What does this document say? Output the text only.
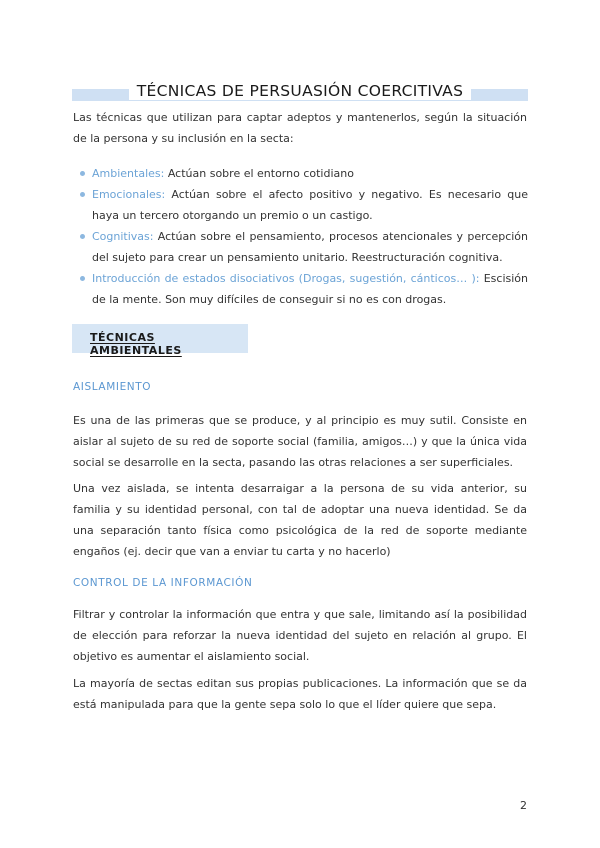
TÉCNICAS DE PERSUASIÓN COERCITIVAS

Las técnicas que utilizan para captar adeptos y mantenerlos, según la situación de la persona y su inclusión en la secta:

Ambientales: Actúan sobre el entorno cotidiano
Emocionales: Actúan sobre el afecto positivo y negativo. Es necesario que haya un tercero otorgando un premio o un castigo.
Cognitivas: Actúan sobre el pensamiento, procesos atencionales y percepción del sujeto para crear un pensamiento unitario. Reestructuración cognitiva.
Introducción de estados disociativos (Drogas, sugestión, cánticos… ): Escisión de la mente. Son muy difíciles de conseguir si no es con drogas.
TÉCNICAS AMBIENTALES
AISLAMIENTO

Es una de las primeras que se produce, y al principio es muy sutil. Consiste en aislar al sujeto de su red de soporte social (familia, amigos…) y que la única vida social se desarrolle en la secta, pasando las otras relaciones a ser superficiales.

Una vez aislada, se intenta desarraigar a la persona de su vida anterior, su familia y su identidad personal, con tal de adoptar una nueva identidad. Se da una separación tanto física como psicológica de la red de soporte mediante engaños (ej. decir que van a enviar tu carta y no hacerlo)

CONTROL DE LA INFORMACIÓN

Filtrar y controlar la información que entra y que sale, limitando así la posibilidad de elección para reforzar la nueva identidad del sujeto en relación al grupo. El objetivo es aumentar el aislamiento social.

La mayoría de sectas editan sus propias publicaciones. La información que se da está manipulada para que la gente sepa solo lo que el líder quiere que sepa.

2
